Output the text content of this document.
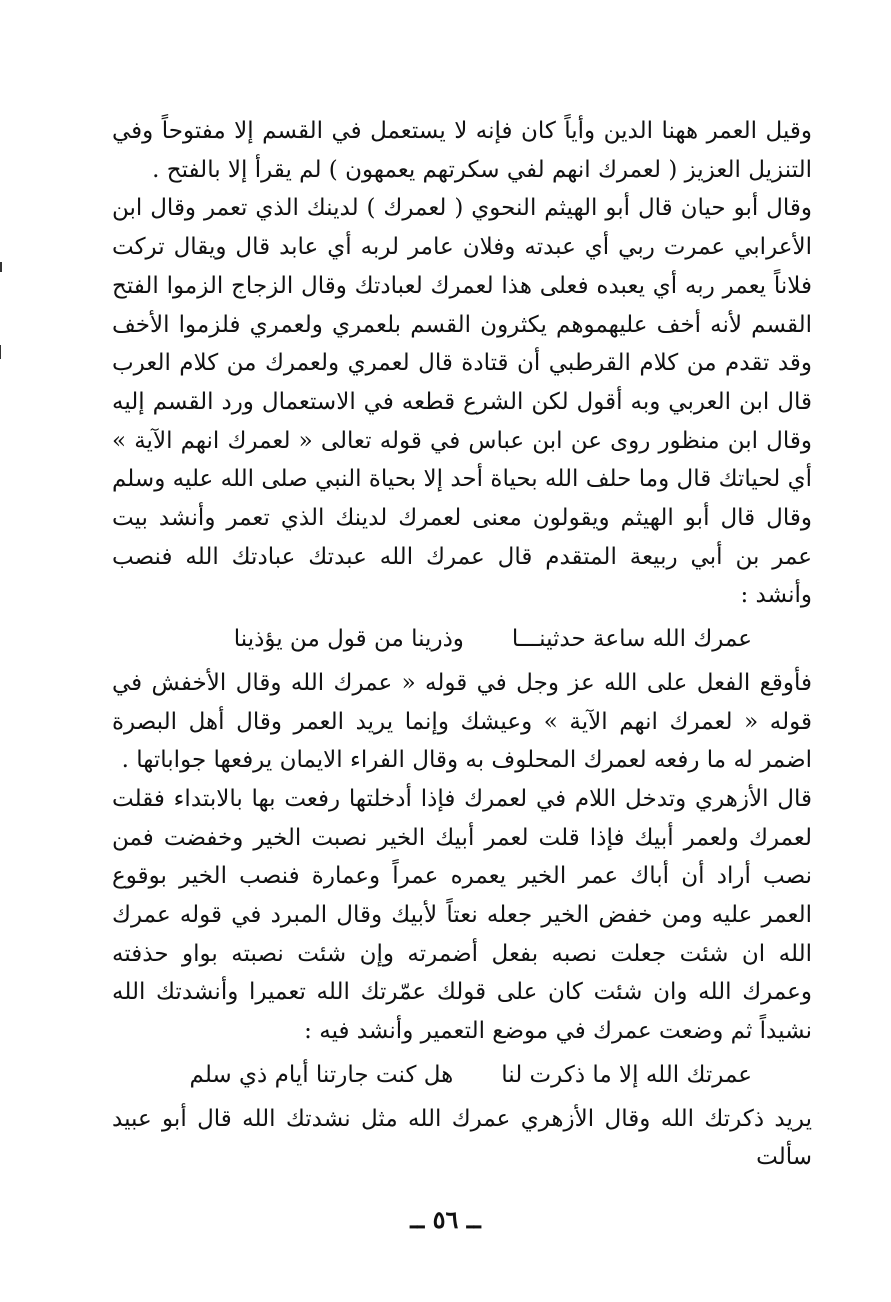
وقيل العمر ههنا الدين وأياً كان فإنه لا يستعمل في القسم إلا مفتوحاً وفي التنزيل العزيز ( لعمرك انهم لفي سكرتهم يعمهون ) لم يقرأ إلا بالفتح .

وقال أبو حيان قال أبو الهيثم النحوي ( لعمرك ) لدينك الذي تعمر وقال ابن الأعرابي عمرت ربي أي عبدته وفلان عامر لربه أي عابد قال ويقال تركت فلاناً يعمر ربه أي يعبده فعلى هذا لعمرك لعبادتك وقال الزجاج الزموا الفتح القسم لأنه أخف عليهموهم يكثرون القسم بلعمري ولعمري فلزموا الأخف وقد تقدم من كلام القرطبي أن قتادة قال لعمري ولعمرك من كلام العرب قال ابن العربي وبه أقول لكن الشرع قطعه في الاستعمال ورد القسم إليه وقال ابن منظور روى عن ابن عباس في قوله تعالى « لعمرك انهم الآية » أي لحياتك قال وما حلف الله بحياة أحد إلا بحياة النبي صلى الله عليه وسلم وقال قال أبو الهيثم ويقولون معنى لعمرك لدينك الذي تعمر وأنشد بيت عمر بن أبي ربيعة المتقدم قال عمرك الله عبدتك عبادتك الله فنصب وأنشد :

عمرك الله ساعة حدثينـــا
وذرينا من قول من يؤذينا

فأوقع الفعل على الله عز وجل في قوله « عمرك الله وقال الأخفش في قوله « لعمرك انهم الآية » وعيشك وإنما يريد العمر وقال أهل البصرة اضمر له ما رفعه لعمرك المحلوف به وقال الفراء الايمان يرفعها جواباتها .

قال الأزهري وتدخل اللام في لعمرك فإذا أدخلتها رفعت بها بالابتداء فقلت لعمرك ولعمر أبيك فإذا قلت لعمر أبيك الخير نصبت الخير وخفضت فمن نصب أراد أن أباك عمر الخير يعمره عمراً وعمارة فنصب الخير بوقوع العمر عليه ومن خفض الخير جعله نعتاً لأبيك وقال المبرد في قوله عمرك الله ان شئت جعلت نصبه بفعل أضمرته وإن شئت نصبته بواو حذفته وعمرك الله وان شئت كان على قولك عمّرتك الله تعميرا وأنشدتك الله نشيداً ثم وضعت عمرك في موضع التعمير وأنشد فيه :

عمرتك الله إلا ما ذكرت لنا
هل كنت جارتنا أيام ذي سلم

يريد ذكرتك الله وقال الأزهري عمرك الله مثل نشدتك الله قال أبو عبيد سألت

ــ ٥٦ ــ
